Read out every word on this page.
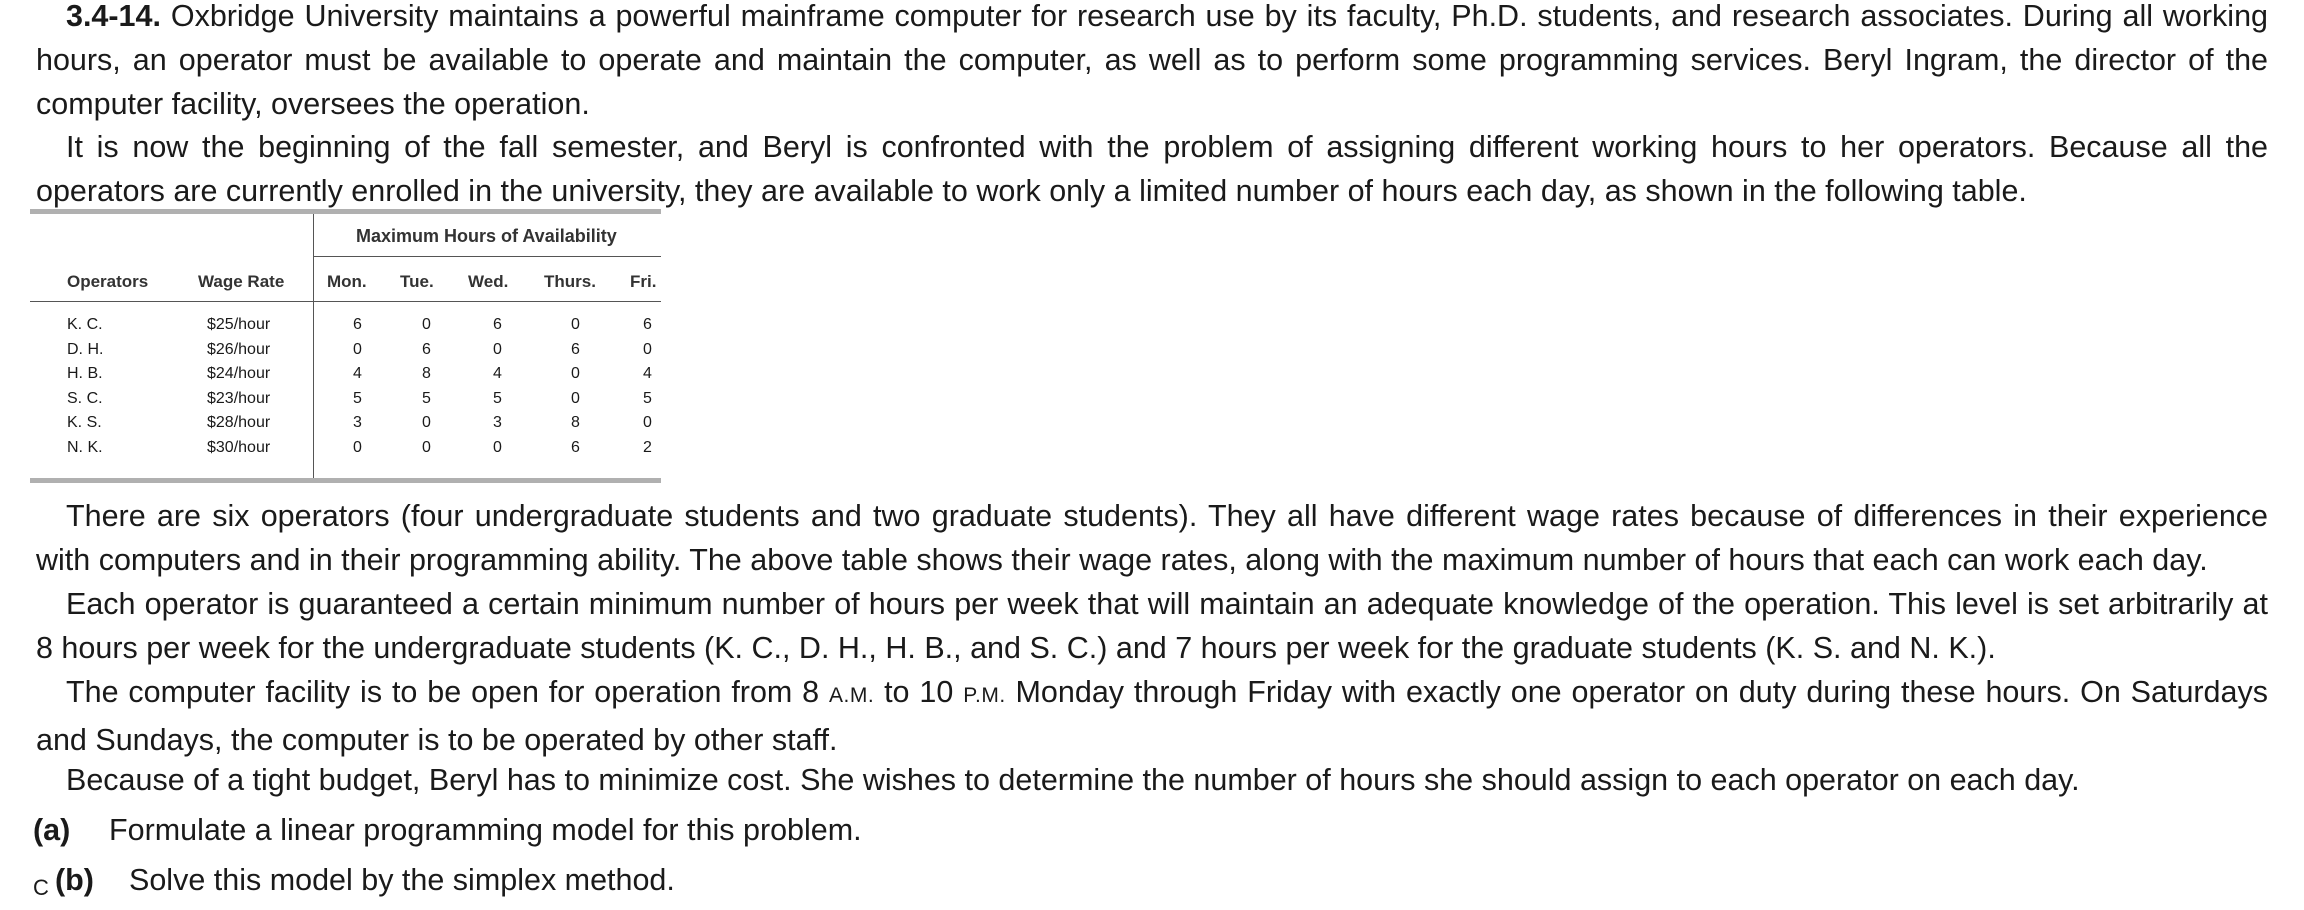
3.4-14. Oxbridge University maintains a powerful mainframe computer for research use by its faculty, Ph.D. students, and research associates. During all working hours, an operator must be available to operate and maintain the computer, as well as to perform some programming services. Beryl Ingram, the director of the computer facility, oversees the operation.

It is now the beginning of the fall semester, and Beryl is confronted with the problem of assigning different working hours to her operators. Because all the operators are currently enrolled in the university, they are available to work only a limited number of hours each day, as shown in the following table.

Maximum Hours of Availability
Operators	Wage Rate	Mon. Tue. Wed. Thurs. Fri.
K. C.	$25/hour	6	0	6	0	6
D. H.	$26/hour	0	6	0	6	0
H. B.	$24/hour	4	8	4	0	4
S. C.	$23/hour	5	5	5	0	5
K. S.	$28/hour	3	0	3	8	0
N. K.	$30/hour	0	0	0	6	2

There are six operators (four undergraduate students and two graduate students). They all have different wage rates because of differences in their experience with computers and in their programming ability. The above table shows their wage rates, along with the maximum number of hours that each can work each day.

Each operator is guaranteed a certain minimum number of hours per week that will maintain an adequate knowledge of the operation. This level is set arbitrarily at 8 hours per week for the undergraduate students (K. C., D. H., H. B., and S. C.) and 7 hours per week for the graduate students (K. S. and N. K.).

The computer facility is to be open for operation from 8 A.M. to 10 P.M. Monday through Friday with exactly one operator on duty during these hours. On Saturdays and Sundays, the computer is to be operated by other staff.

Because of a tight budget, Beryl has to minimize cost. She wishes to determine the number of hours she should assign to each operator on each day.

(a) Formulate a linear programming model for this problem.
C (b) Solve this model by the simplex method.
